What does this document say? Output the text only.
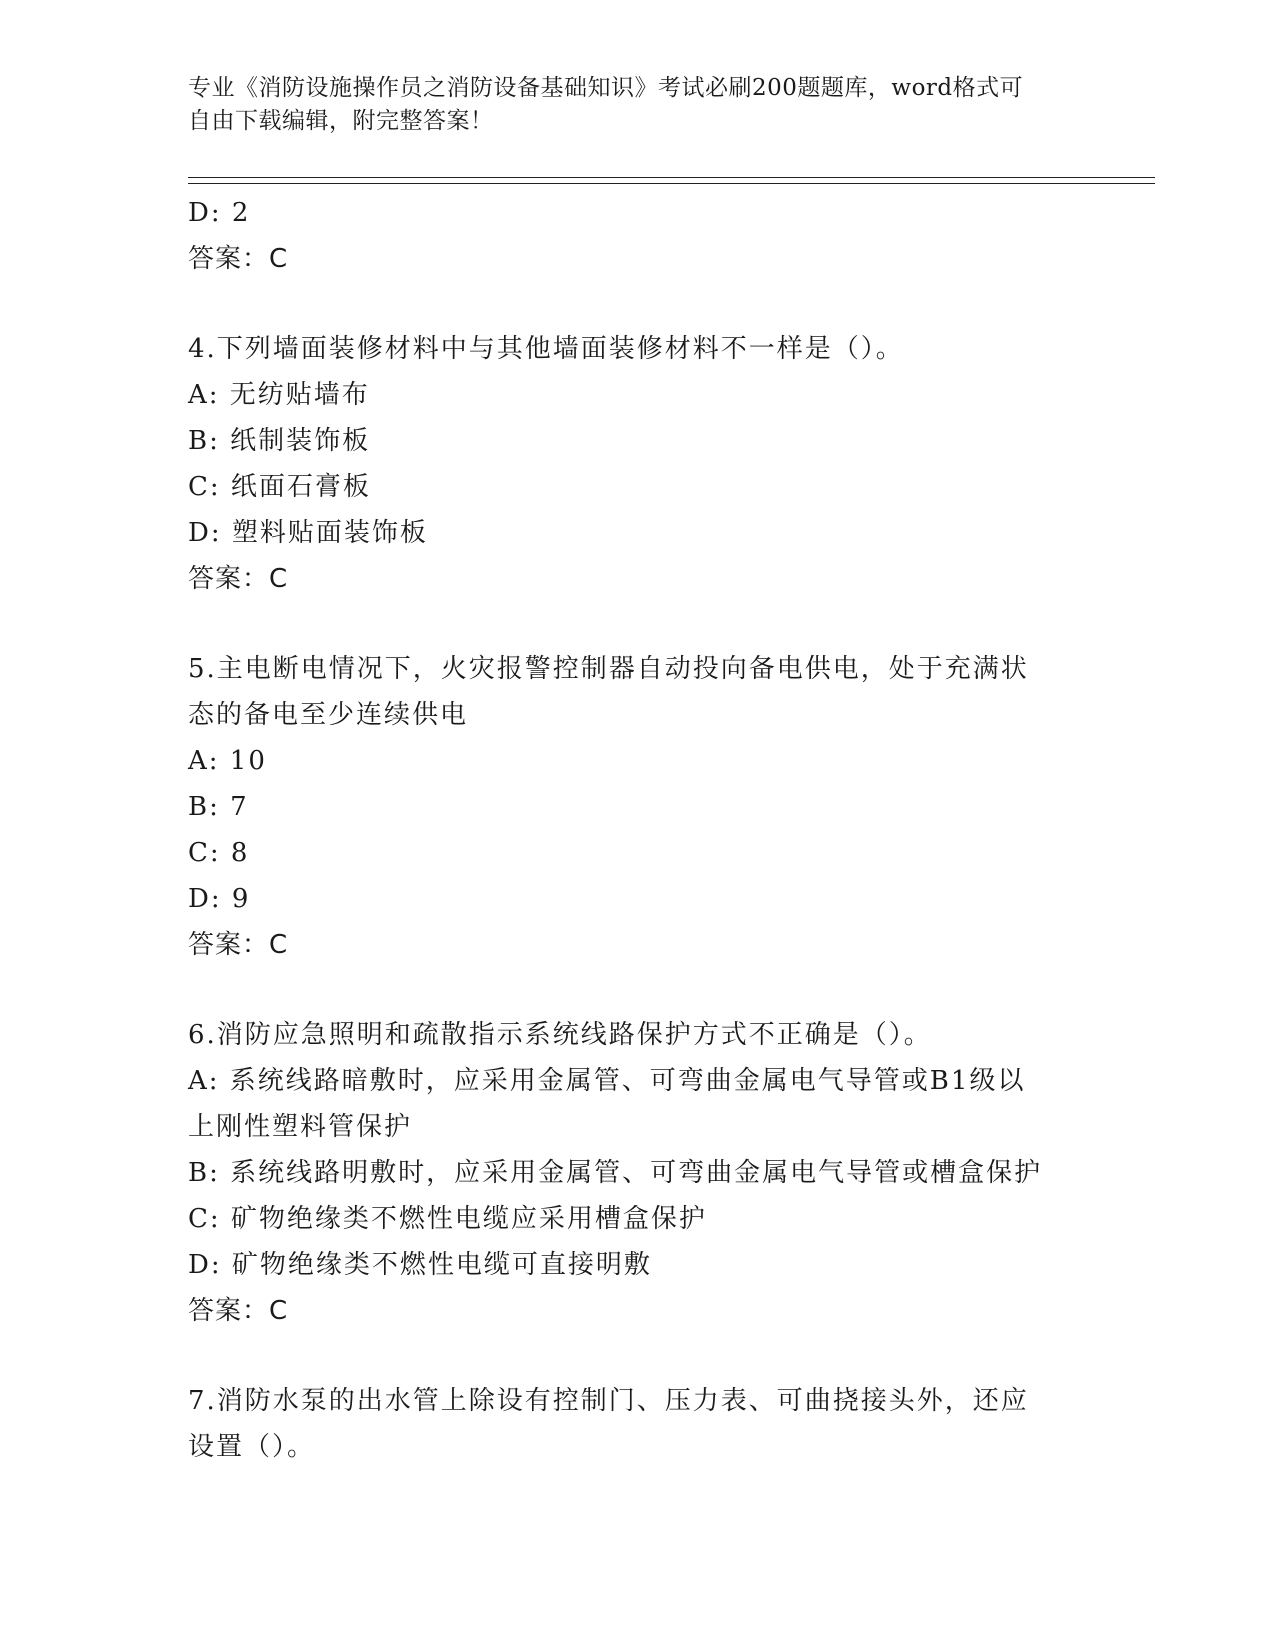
专业《消防设施操作员之消防设备基础知识》考试必刷200题题库，word格式可
自由下载编辑，附完整答案！
D: 2
答案：C
4.下列墙面装修材料中与其他墙面装修材料不一样是（）。
A: 无纺贴墙布
B: 纸制装饰板
C: 纸面石膏板
D: 塑料贴面装饰板
答案：C
5.主电断电情况下，火灾报警控制器自动投向备电供电，处于充满状
态的备电至少连续供电
A: 10
B: 7
C: 8
D: 9
答案：C
6.消防应急照明和疏散指示系统线路保护方式不正确是（）。
A: 系统线路暗敷时，应采用金属管、可弯曲金属电气导管或B1级以
上刚性塑料管保护
B: 系统线路明敷时，应采用金属管、可弯曲金属电气导管或槽盒保护
C: 矿物绝缘类不燃性电缆应采用槽盒保护
D: 矿物绝缘类不燃性电缆可直接明敷
答案：C
7.消防水泵的出水管上除设有控制门、压力表、可曲挠接头外，还应
设置（）。
